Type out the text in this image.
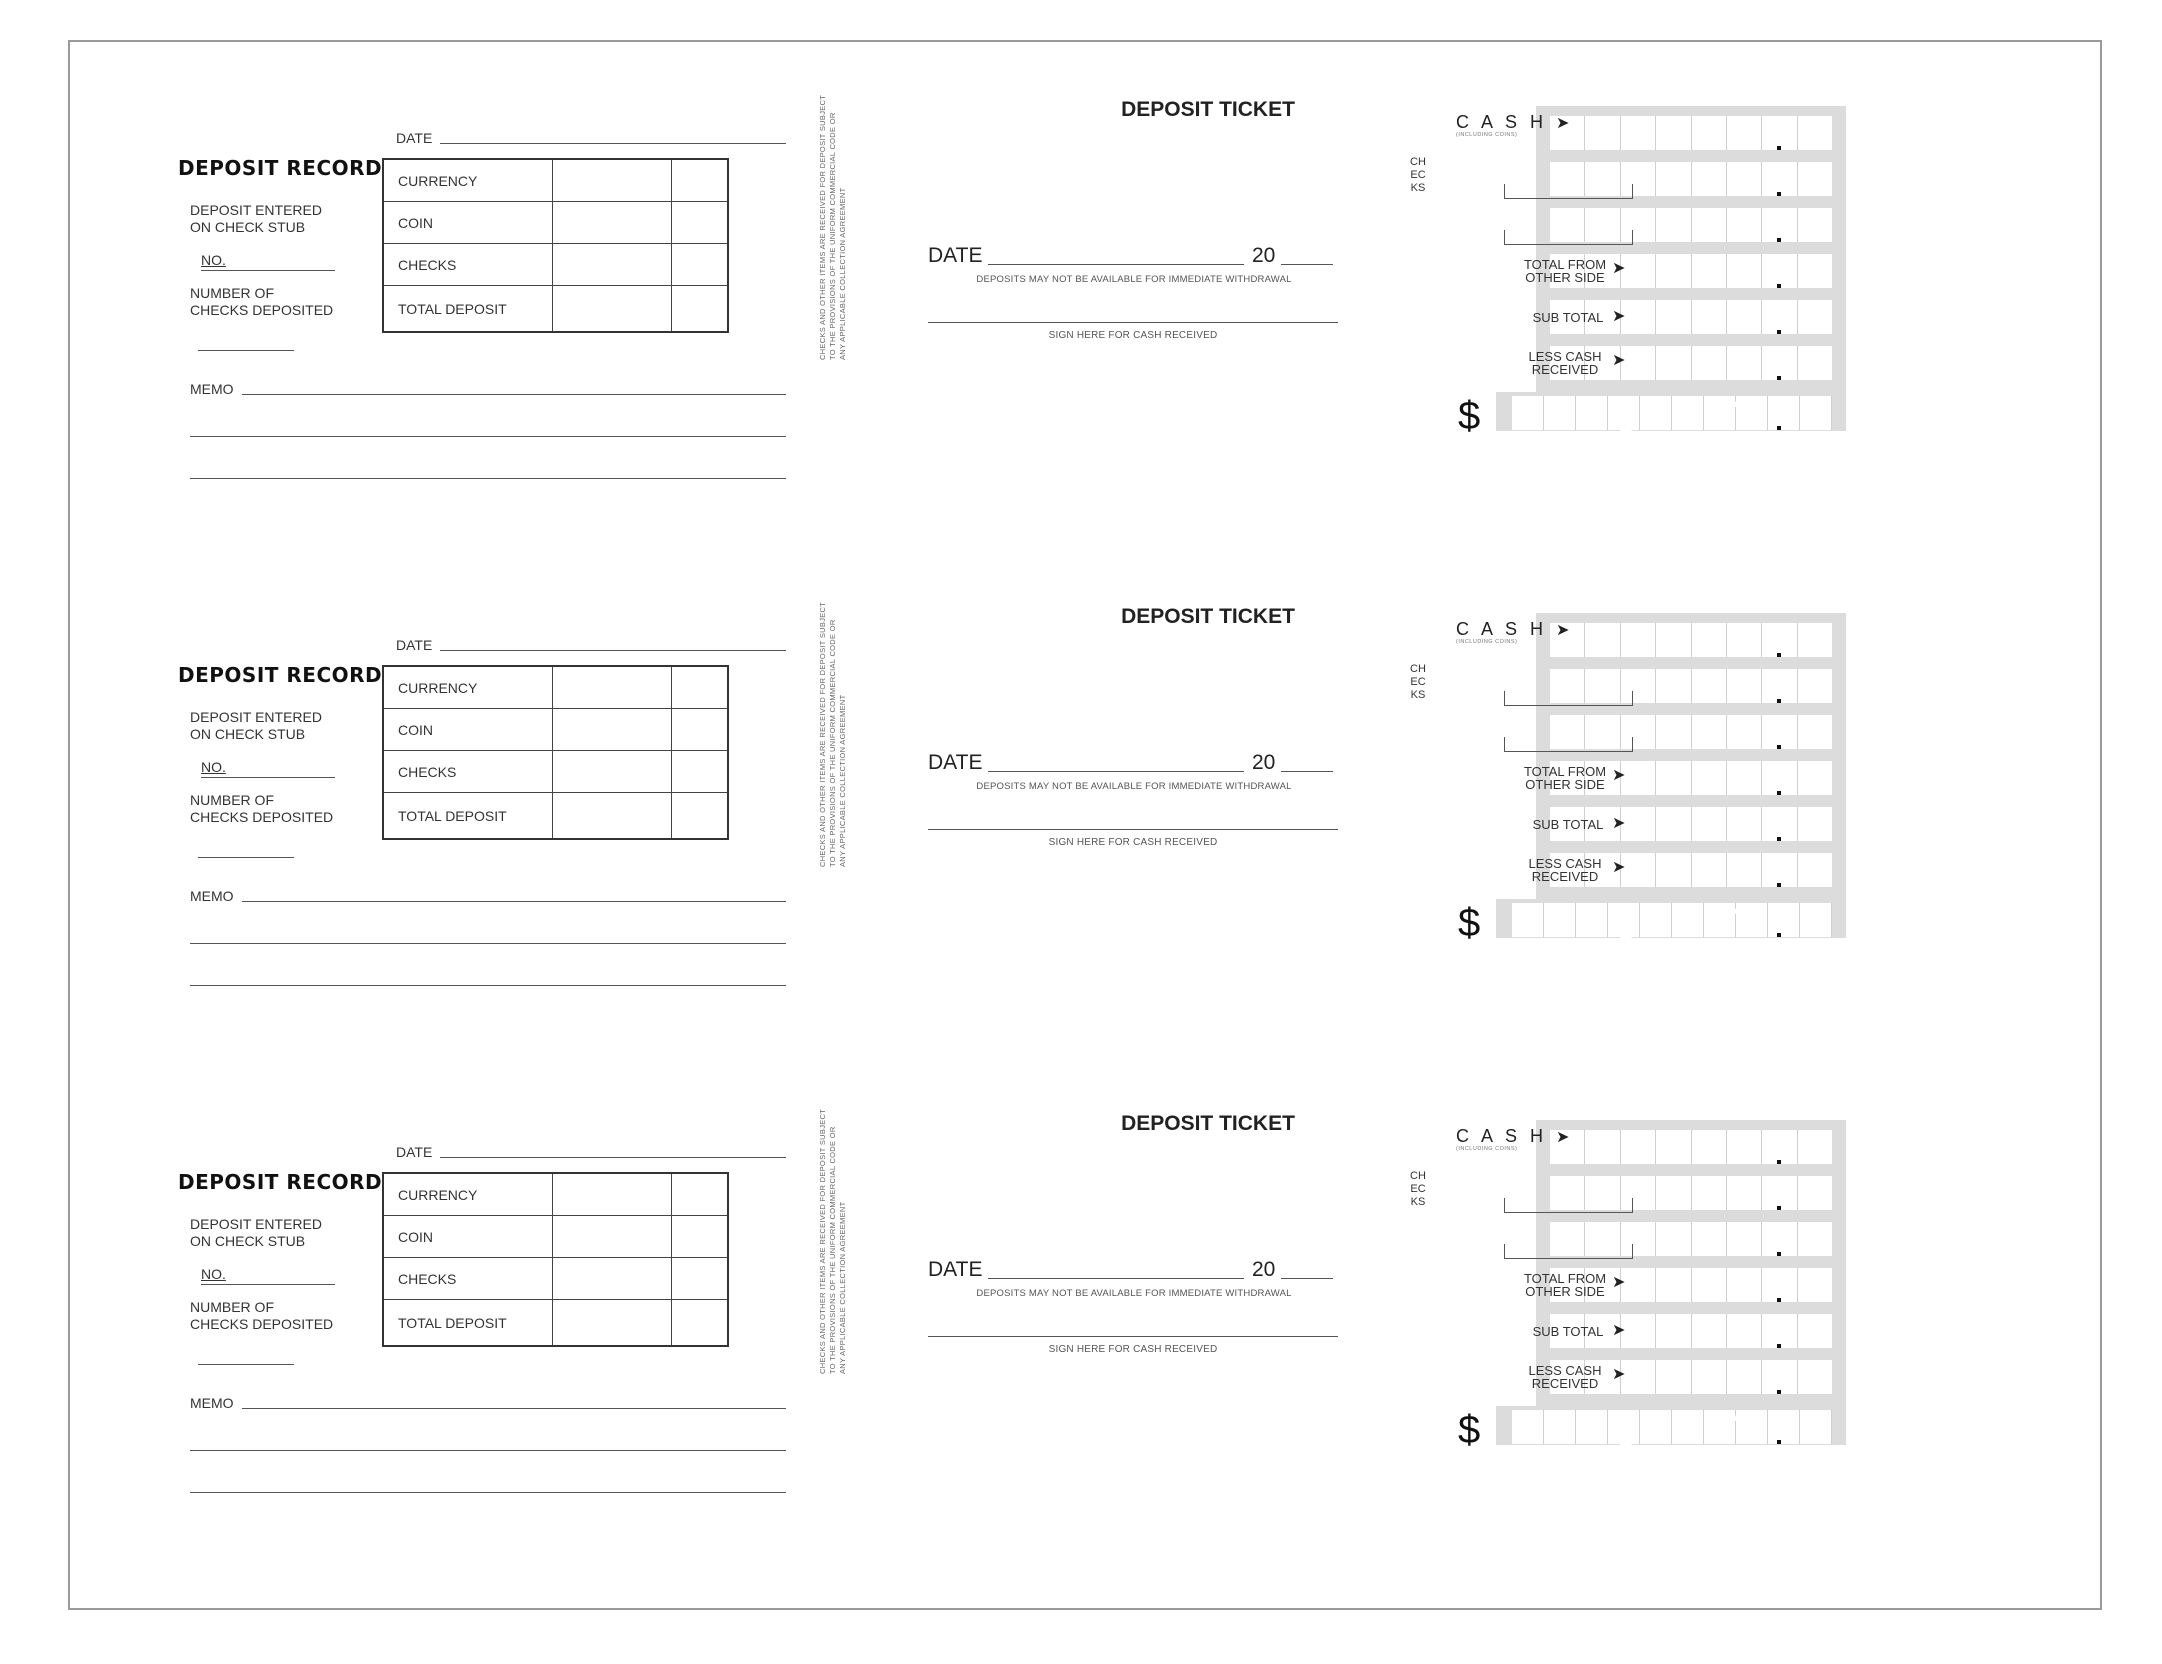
DATE
DEPOSIT RECORD
DEPOSIT ENTERED
ON CHECK STUB
NO.
NUMBER OF
CHECKS DEPOSITED
MEMO
CURRENCY		
COIN		
CHECKS		
TOTAL DEPOSIT			CHECKS AND OTHER ITEMS ARE RECEIVED FOR DEPOSIT SUBJECT TO THE PROVISIONS OF THE UNIFORM COMMERCIAL CODE OR ANY APPLICABLE COLLECTION AGREEMENT
DEPOSIT TICKET
DATE	20
DEPOSITS MAY NOT BE AVAILABLE FOR IMMEDIATE WITHDRAWAL
SIGN HERE FOR CASH RECEIVED
C A S H ➤
(INCLUDING COINS)
CHECKS
TOTAL FROM
OTHER SIDE
➤
SUB TOTAL ➤
LESS CASH
RECEIVED
➤
$
DATE
DEPOSIT RECORD
DEPOSIT ENTERED
ON CHECK STUB
NO.
NUMBER OF
CHECKS DEPOSITED
MEMO
CURRENCY		
COIN		
CHECKS		
TOTAL DEPOSIT			CHECKS AND OTHER ITEMS ARE RECEIVED FOR DEPOSIT SUBJECT TO THE PROVISIONS OF THE UNIFORM COMMERCIAL CODE OR ANY APPLICABLE COLLECTION AGREEMENT
DEPOSIT TICKET
DATE	20
DEPOSITS MAY NOT BE AVAILABLE FOR IMMEDIATE WITHDRAWAL
SIGN HERE FOR CASH RECEIVED
C A S H ➤
(INCLUDING COINS)
CHECKS
TOTAL FROM
OTHER SIDE
➤
SUB TOTAL ➤
LESS CASH
RECEIVED
➤
$
DATE
DEPOSIT RECORD
DEPOSIT ENTERED
ON CHECK STUB
NO.
NUMBER OF
CHECKS DEPOSITED
MEMO
CURRENCY		
COIN		
CHECKS		
TOTAL DEPOSIT			CHECKS AND OTHER ITEMS ARE RECEIVED FOR DEPOSIT SUBJECT TO THE PROVISIONS OF THE UNIFORM COMMERCIAL CODE OR ANY APPLICABLE COLLECTION AGREEMENT
DEPOSIT TICKET
DATE	20
DEPOSITS MAY NOT BE AVAILABLE FOR IMMEDIATE WITHDRAWAL
SIGN HERE FOR CASH RECEIVED
C A S H ➤
(INCLUDING COINS)
CHECKS
TOTAL FROM
OTHER SIDE
➤
SUB TOTAL ➤
LESS CASH
RECEIVED
➤
$
